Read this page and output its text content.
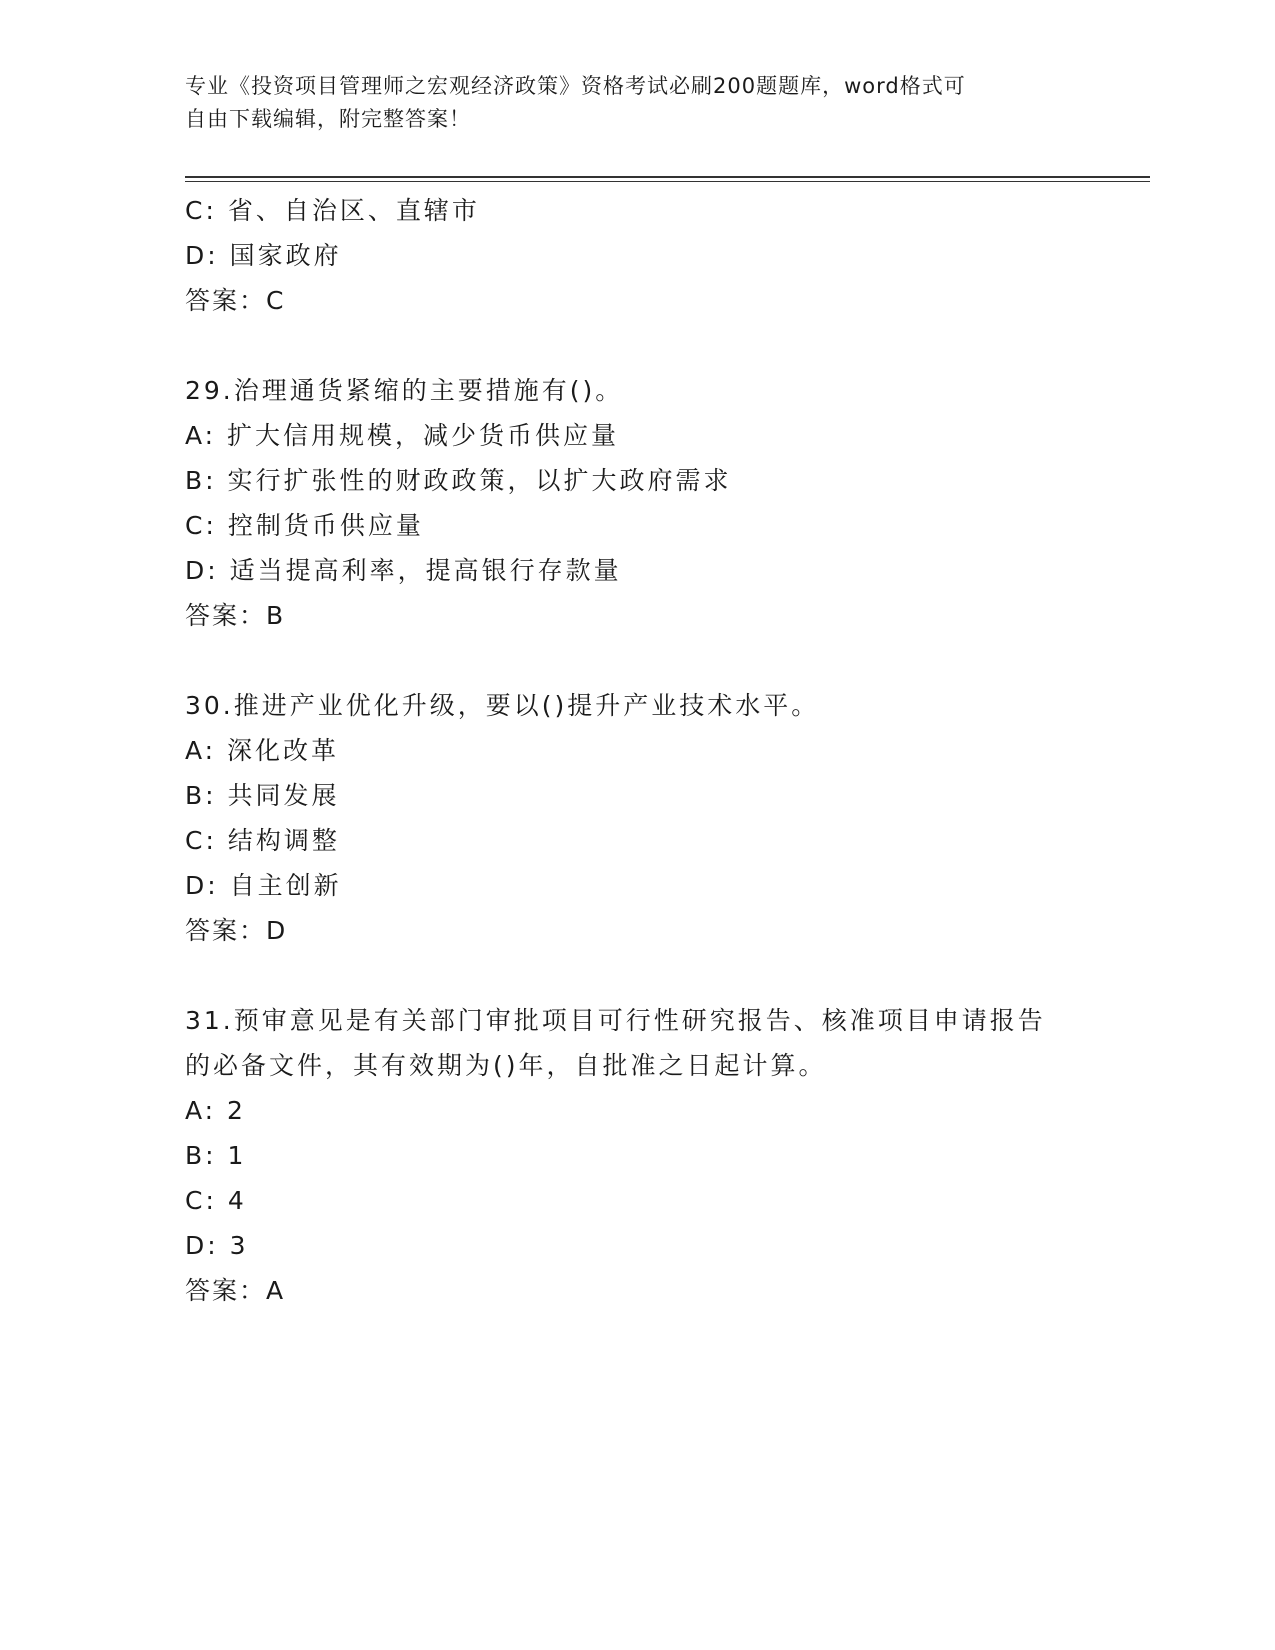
专业《投资项目管理师之宏观经济政策》资格考试必刷200题题库，word格式可
自由下载编辑，附完整答案！
C: 省、自治区、直辖市
D: 国家政府
答案：C
29.治理通货紧缩的主要措施有()。
A: 扩大信用规模，减少货币供应量
B: 实行扩张性的财政政策，以扩大政府需求
C: 控制货币供应量
D: 适当提高利率，提高银行存款量
答案：B
30.推进产业优化升级，要以()提升产业技术水平。
A: 深化改革
B: 共同发展
C: 结构调整
D: 自主创新
答案：D
31.预审意见是有关部门审批项目可行性研究报告、核准项目申请报告
的必备文件，其有效期为()年，自批准之日起计算。
A: 2
B: 1
C: 4
D: 3
答案：A
